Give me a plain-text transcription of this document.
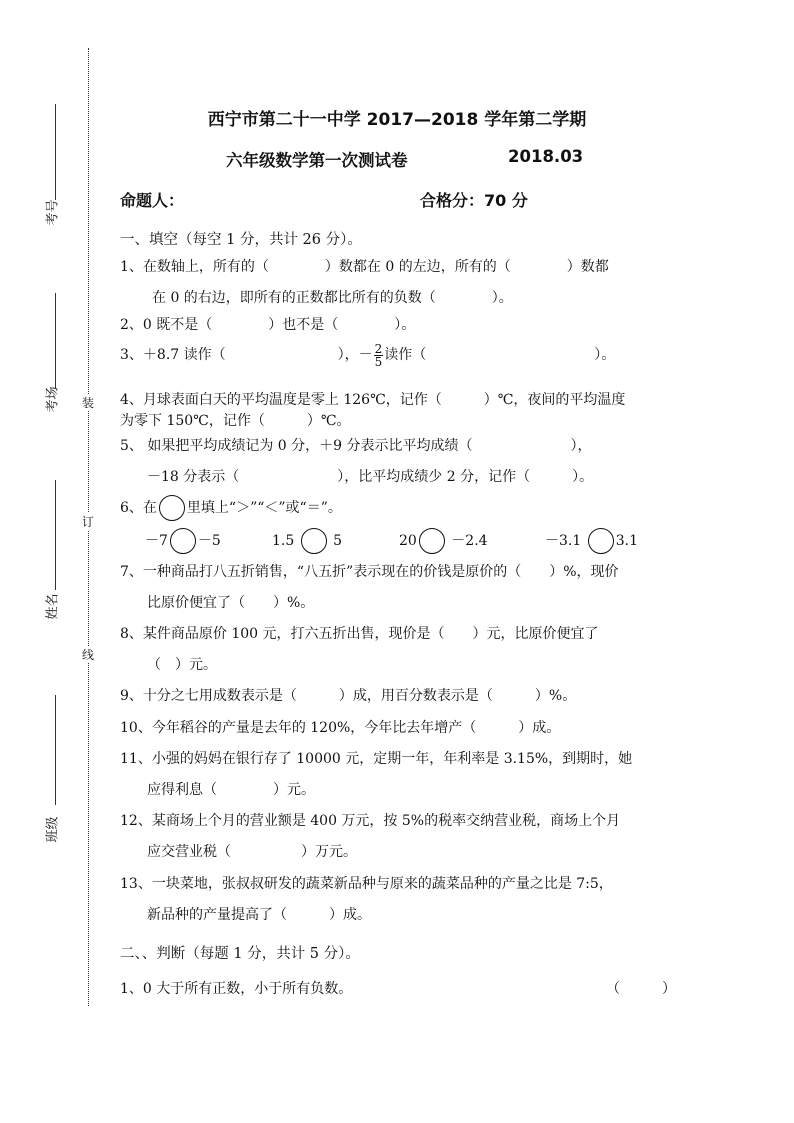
考号
考场
姓名
班级
装
订
线
西宁市第二十一中学 2017—2018 学年第二学期
六年级数学第一次测试卷	2018.03
命题人：	合格分：70 分
一、填空（每空 1 分，共计 26 分）。
1、在数轴上，所有的（　　　　）数都在 0 的左边，所有的（　　　　）数都
在 0 的右边，即所有的正数都比所有的负数（　　　　）。
2、0 既不是（　　　　）也不是（　　　　）。
3、＋8.7 读作（　　　　　　　　），－ $\frac{2}{5}$ 读作（　　　　　　　　　　　　）。
4、月球表面白天的平均温度是零上 126℃，记作（　　　）℃，夜间的平均温度
为零下 150℃，记作（　　　）℃。
5、 如果把平均成绩记为 0 分，＋9 分表示比平均成绩（　　　　　　　），
－18 分表示（　　　　　　　），比平均成绩少 2 分，记作（　　　）。
6、在 里填上“＞”“＜”或“＝”。
－7 －5	1.5	5	20 －2.4	－3.1 3.1
7、一种商品打八五折销售，“八五折”表示现在的价钱是原价的（　　）%，现价
比原价便宜了（　　）%。
8、某件商品原价 100 元，打六五折出售，现价是（　　）元，比原价便宜了
（　）元。
9、十分之七用成数表示是（　　　）成，用百分数表示是（　　　）%。
10、今年稻谷的产量是去年的 120%，今年比去年增产（　　　）成。
11、小强的妈妈在银行存了 10000 元，定期一年，年利率是 3.15%，到期时，她
应得利息（　　　　）元。
12、某商场上个月的营业额是 400 万元，按 5%的税率交纳营业税，商场上个月
应交营业税（　　　　　）万元。
13、一块菜地，张叔叔研发的蔬菜新品种与原来的蔬菜品种的产量之比是 7:5，
新品种的产量提高了（　　　）成。
二、、判断（每题 1 分，共计 5 分）。
1、0 大于所有正数，小于所有负数。	（　　　）
